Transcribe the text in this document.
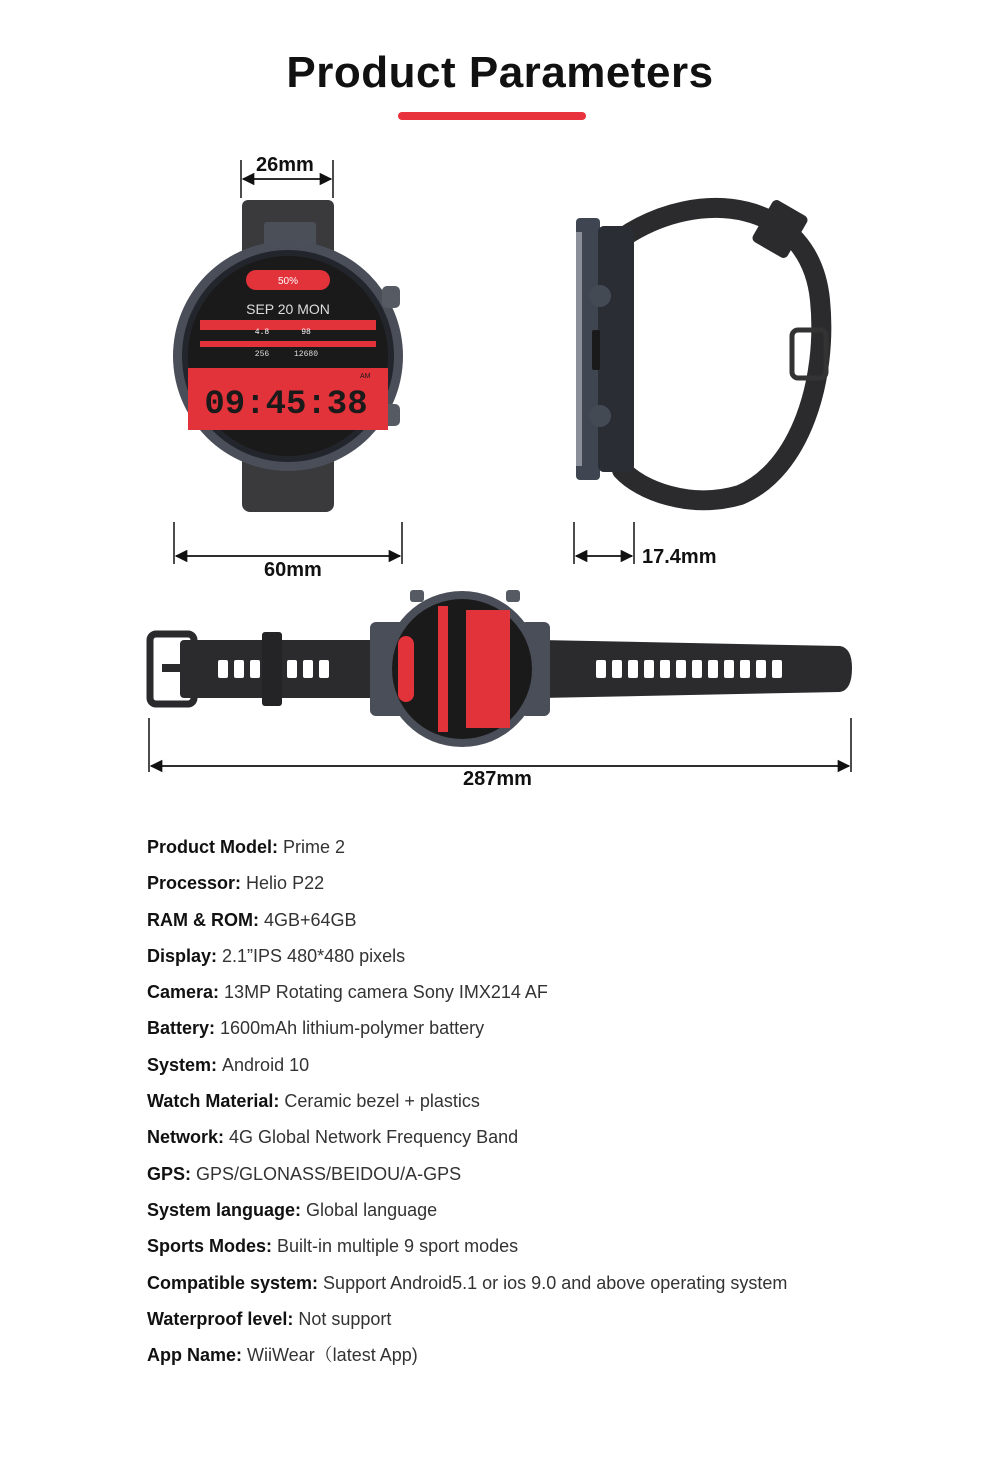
Product Parameters
50%
SEP 20 MON
4.8	98
256	12680
09:45:38
AM
26mm
60mm
17.4mm
287mm
Product Model: Prime 2
Processor: Helio P22
RAM & ROM: 4GB+64GB
Display: 2.1”IPS 480*480 pixels
Camera: 13MP Rotating camera Sony IMX214 AF
Battery: 1600mAh lithium-polymer battery
System: Android 10
Watch Material: Ceramic bezel + plastics
Network: 4G Global Network Frequency Band
GPS: GPS/GLONASS/BEIDOU/A-GPS
System language: Global language
Sports Modes: Built-in multiple 9 sport modes
Compatible system: Support Android5.1 or ios 9.0 and above operating system
Waterproof level: Not support
App Name: WiiWear（latest App)
